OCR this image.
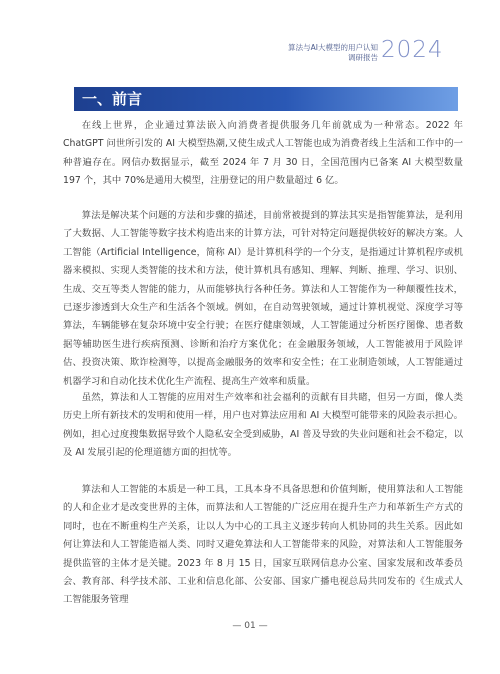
算法与AI大模型的用户认知调研报告 2024
一、前言

在线上世界，企业通过算法嵌入向消费者提供服务几年前就成为一种常态。2022 年 ChatGPT 问世所引发的 AI 大模型热潮,又使生成式人工智能也成为消费者线上生活和工作中的一种普遍存在。网信办数据显示，截至 2024 年 7 月 30 日，全国范围内已备案 AI 大模型数量 197 个，其中 70%是通用大模型，注册登记的用户数量超过 6 亿。

算法是解决某个问题的方法和步骤的描述，目前常被提到的算法其实是指智能算法，是利用了大数据、人工智能等数字技术构造出来的计算方法，可针对特定问题提供较好的解决方案。人工智能（Artificial Intelligence，简称 AI）是计算机科学的一个分支，是指通过计算机程序或机器来模拟、实现人类智能的技术和方法，使计算机具有感知、理解、判断、推理、学习、识别、生成、交互等类人智能的能力，从而能够执行各种任务。算法和人工智能作为一种颠覆性技术，已逐步渗透到大众生产和生活各个领域。例如，在自动驾驶领域，通过计算机视觉、深度学习等算法，车辆能够在复杂环境中安全行驶；在医疗健康领域，人工智能通过分析医疗图像、患者数据等辅助医生进行疾病预测、诊断和治疗方案优化；在金融服务领域，人工智能被用于风险评估、投资决策、欺诈检测等，以提高金融服务的效率和安全性；在工业制造领域，人工智能通过机器学习和自动化技术优化生产流程、提高生产效率和质量。

虽然，算法和人工智能的应用对生产效率和社会福利的贡献有目共睹，但另一方面，像人类历史上所有新技术的发明和使用一样，用户也对算法应用和 AI 大模型可能带来的风险表示担心。例如，担心过度搜集数据导致个人隐私安全受到威胁，AI 普及导致的失业问题和社会不稳定，以及 AI 发展引起的伦理道德方面的担忧等。

算法和人工智能的本质是一种工具，工具本身不具备思想和价值判断，使用算法和人工智能的人和企业才是改变世界的主体，而算法和人工智能的广泛应用在提升生产力和革新生产方式的同时，也在不断重构生产关系，让以人为中心的工具主义逐步转向人机协同的共生关系。因此如何让算法和人工智能造福人类、同时又避免算法和人工智能带来的风险，对算法和人工智能服务提供监管的主体才是关键。2023 年 8 月 15 日，国家互联网信息办公室、国家发展和改革委员会、教育部、科学技术部、工业和信息化部、公安部、国家广播电视总局共同发布的《生成式人工智能服务管理

— 01 —
